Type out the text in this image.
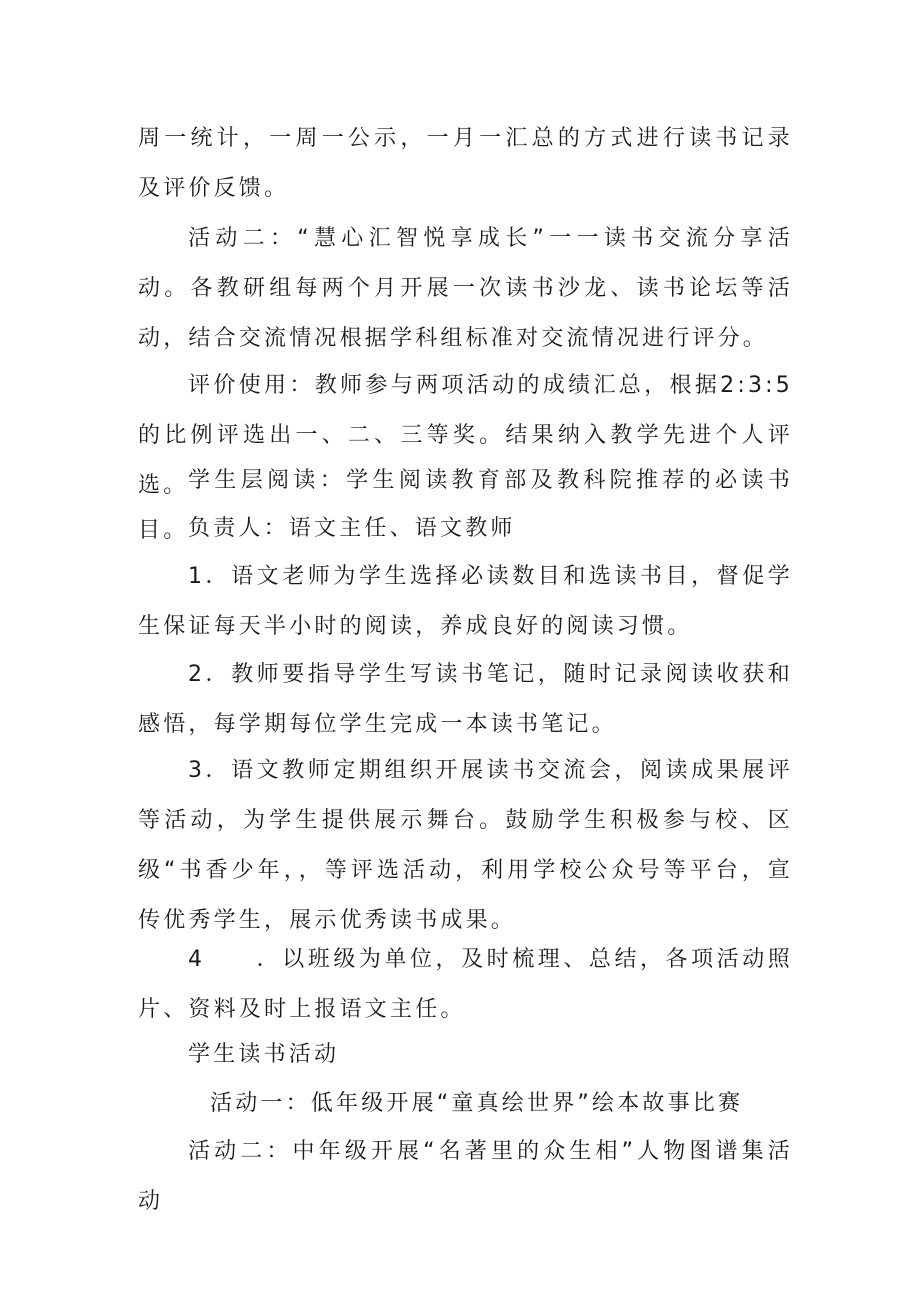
周一统计，一周一公示，一月一汇总的方式进行读书记录及评价反馈。

活动二：“慧心汇智悦享成长”一一读书交流分享活动。各教研组每两个月开展一次读书沙龙、读书论坛等活动，结合交流情况根据学科组标准对交流情况进行评分。

评价使用：教师参与两项活动的成绩汇总，根据2:3:5的比例评选出一、二、三等奖。结果纳入教学先进个人评选。 学生层阅读：学生阅读教育部及教科院推荐的必读书目。 负责人：语文主任、语文教师

1．语文老师为学生选择必读数目和选读书目，督促学生保证每天半小时的阅读，养成良好的阅读习惯。

2．教师要指导学生写读书笔记，随时记录阅读收获和感悟，每学期每位学生完成一本读书笔记。

3．语文教师定期组织开展读书交流会，阅读成果展评等活动，为学生提供展示舞台。鼓励学生积极参与校、区级“书香少年，，等评选活动，利用学校公众号等平台，宣传优秀学生，展示优秀读书成果。

4　　．以班级为单位，及时梳理、总结，各项活动照片、资料及时上报语文主任。

学生读书活动

活动一：低年级开展“童真绘世界”绘本故事比赛

活动二：中年级开展“名著里的众生相”人物图谱集活动
